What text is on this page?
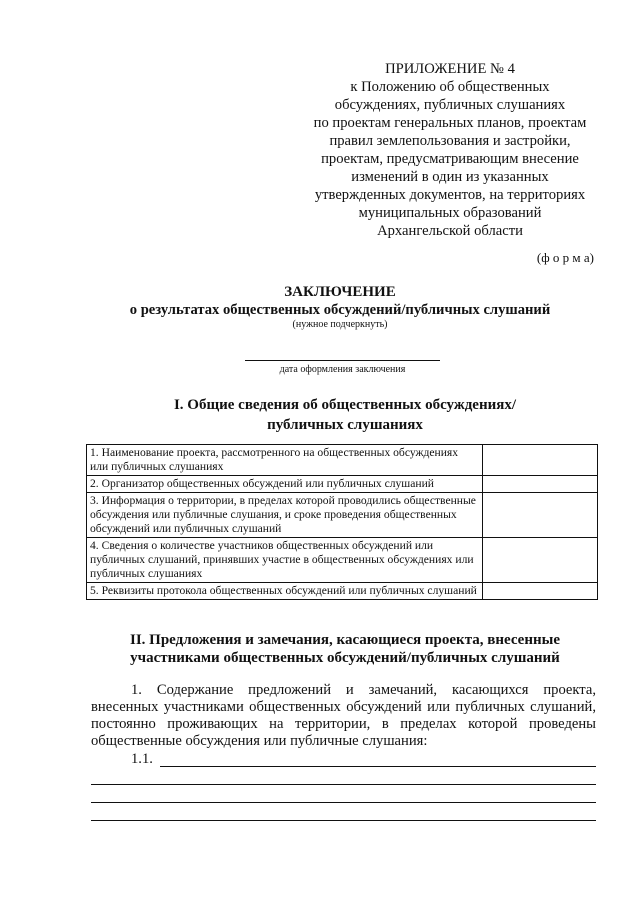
ПРИЛОЖЕНИЕ № 4
к Положению об общественных
обсуждениях, публичных слушаниях
по проектам генеральных планов, проектам
правил землепользования и застройки,
проектам, предусматривающим внесение
изменений в один из указанных
утвержденных документов, на территориях
муниципальных образований
Архангельской области
(ф о р м а)
ЗАКЛЮЧЕНИЕ
о результатах общественных обсуждений/публичных слушаний
(нужное подчеркнуть)
дата оформления заключения
I. Общие сведения об общественных обсуждениях/
публичных слушаниях
1. Наименование проекта, рассмотренного на общественных обсуждениях или публичных слушаниях	
2. Организатор общественных обсуждений или публичных слушаний	
3. Информация о территории, в пределах которой проводились общественные обсуждения или публичные слушания, и сроке проведения общественных обсуждений или публичных слушаний	
4. Сведения о количестве участников общественных обсуждений или публичных слушаний, принявших участие в общественных обсуждениях или публичных слушаниях	
5. Реквизиты протокола общественных обсуждений или публичных слушаний	
II. Предложения и замечания, касающиеся проекта, внесенные
участниками общественных обсуждений/публичных слушаний
1. Содержание предложений и замечаний, касающихся проекта, внесенных участниками общественных обсуждений или публичных слушаний, постоянно проживающих на территории, в пределах которой проведены общественные обсуждения или публичные слушания:
1.1.
